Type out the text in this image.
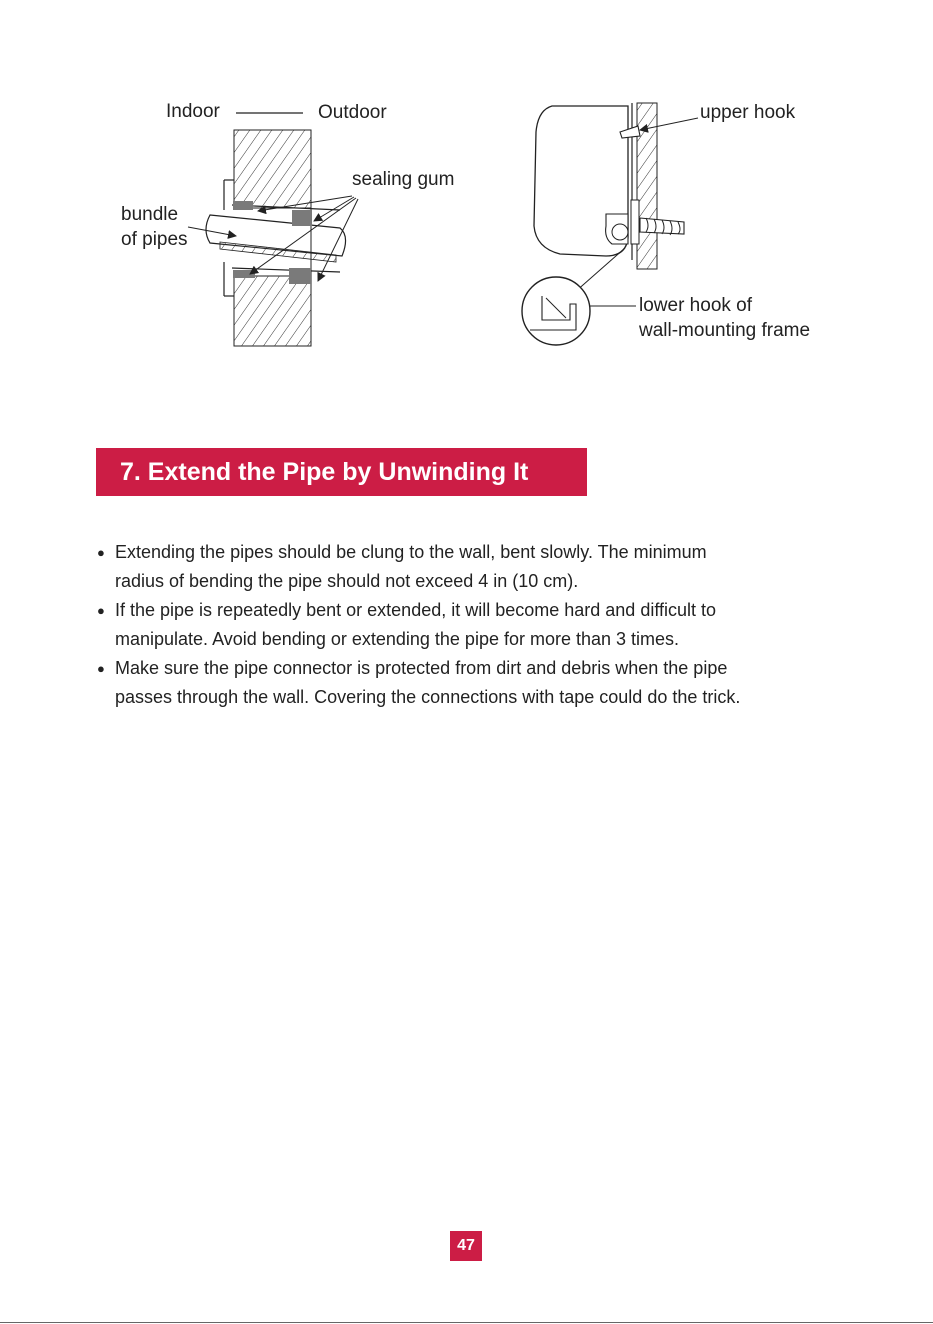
Indoor	Outdoor
sealing gum
bundle
of pipes
upper hook
lower hook of
wall-mounting frame
7. Extend the Pipe by Unwinding It
● Extending the pipes should be clung to the wall, bent slowly. The minimum
radius of bending the pipe should not exceed 4 in (10 cm).
● If the pipe is repeatedly bent or extended, it will become hard and difficult to
manipulate. Avoid bending or extending the pipe for more than 3 times.
● Make sure the pipe connector is protected from dirt and debris when the pipe
passes through the wall. Covering the connections with tape could do the trick.
47
